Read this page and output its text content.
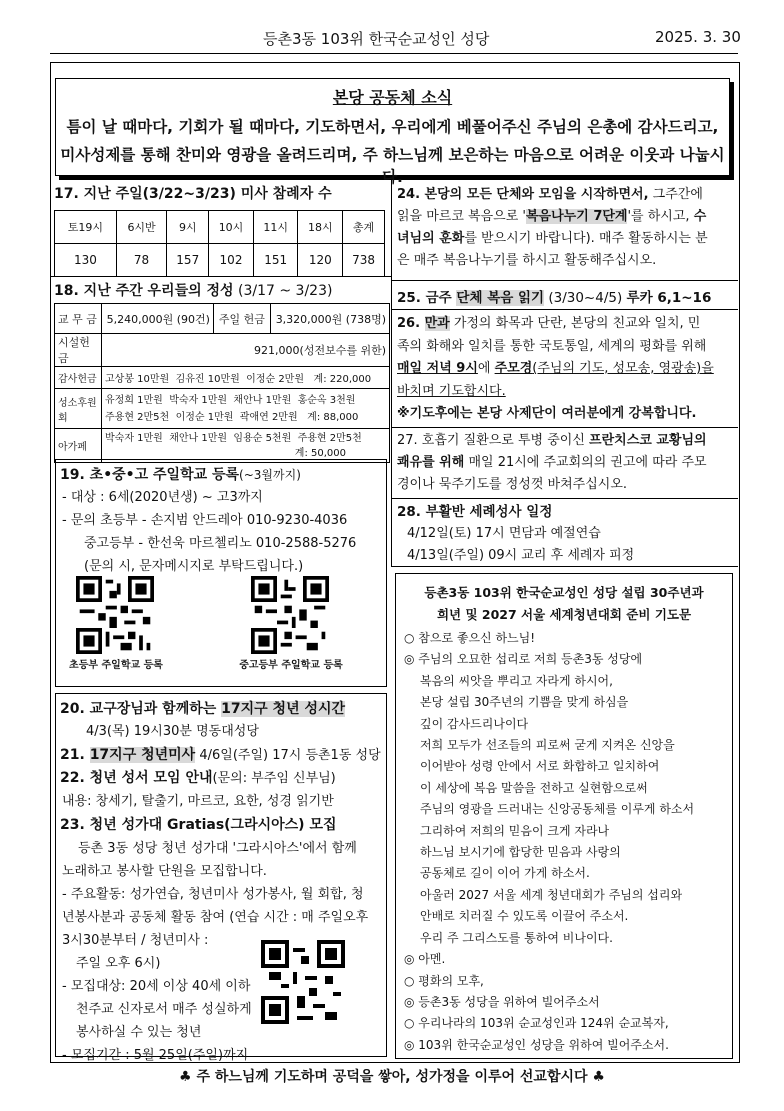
등촌3동 103위 한국순교성인 성당	2025. 3. 30
본당 공동체 소식
틈이 날 때마다, 기회가 될 때마다, 기도하면서, 우리에게 베풀어주신 주님의 은총에 감사드리고,
미사성제를 통해 찬미와 영광을 올려드리며, 주 하느님께 보은하는 마음으로 어려운 이웃과 나눕시다.
17. 지난 주일(3/22~3/23) 미사 참례자 수
토19시	6시반	9시	10시	11시	18시	총계
130	78	157	102	151	120	738
18. 지난 주간 우리들의 정성 (3/17 ~ 3/23)
교 무 금	5,240,000원 (90건)	주일 헌금	3,320,000원 (738명)
시설헌금	921,000(성전보수를 위한)		
감사헌금	고상봉 10만원 김유진 10만원 이정순 2만원 계: 220,000		
성소후원회	유정희 1만원 박숙자 1만원 채안나 1만원 홍순옥 3천원
주용현 2만5천 이정순 1만원 곽애연 2만원 계: 88,000		

아가페	박숙자 1만원 채안나 1만원 임용순 5천원 주용현 2만5천
계: 50,000		
19. 초•중•고 주일학교 등록(~3월까지)
- 대상 : 6세(2020년생) ~ 고3까지
- 문의 초등부 - 손지범 안드레아 010-9230-4036
중고등부 - 한선욱 마르첼리노 010-2588-5276
(문의 시, 문자메시지로 부탁드립니다.)
초등부 주일학교 등록	중고등부 주일학교 등록
20. 교구장님과 함께하는 17지구 청년 성시간
4/3(목) 19시30분 명동대성당
21. 17지구 청년미사 4/6일(주일) 17시 등촌1동 성당
22. 청년 성서 모임 안내(문의: 부주임 신부님)
내용: 창세기, 탈출기, 마르코, 요한, 성경 읽기반
23. 청년 성가대 Gratias(그라시아스) 모집
등촌 3동 성당 청년 성가대 '그라시아스'에서 함께
노래하고 봉사할 단원을 모집합니다.
- 주요활동: 성가연습, 청년미사 성가봉사, 월 회합, 청
년봉사분과 공동체 활동 참여 (연습 시간 : 매 주일오후
3시30분부터 / 청년미사 :
주일 오후 6시)
- 모집대상: 20세 이상 40세 이하
천주교 신자로서 매주 성실하게
봉사하실 수 있는 청년
- 모집기간 : 5월 25일(주일)까지
24. 본당의 모든 단체와 모임을 시작하면서, 그주간에
읽을 마르코 복음으로 '복음나누기 7단계'를 하시고, 수
녀님의 훈화를 받으시기 바랍니다). 매주 활동하시는 분
은 매주 복음나누기를 하시고 활동해주십시오.
25. 금주 단체 복음 읽기 (3/30~4/5) 루카 6,1~16
26. 만과 가정의 화목과 단란, 본당의 친교와 일치, 민
족의 화해와 일치를 통한 국토통일, 세계의 평화를 위해
매일 저녁 9시에 주모경(주님의 기도, 성모송, 영광송)을
바치며 기도합시다.
※기도후에는 본당 사제단이 여러분에게 강복합니다.
27. 호흡기 질환으로 투병 중이신 프란치스코 교황님의
쾌유를 위해 매일 21시에 주교회의의 권고에 따라 주모
경이나 묵주기도를 정성껏 바쳐주십시오.
28. 부활반 세례성사 일정
4/12일(토) 17시 면담과 예절연습
4/13일(주일) 09시 교리 후 세례자 피정
등촌3동 103위 한국순교성인 성당 설립 30주년과
희년 및 2027 서울 세계청년대회 준비 기도문
○ 참으로 좋으신 하느님!
◎ 주님의 오묘한 섭리로 저희 등촌3동 성당에
복음의 씨앗을 뿌리고 자라게 하시어,
본당 설립 30주년의 기쁨을 맞게 하심을
깊이 감사드리나이다
저희 모두가 선조들의 피로써 굳게 지켜온 신앙을
이어받아 성령 안에서 서로 화합하고 일치하여
이 세상에 복음 말씀을 전하고 실현함으로써
주님의 영광을 드러내는 신앙공동체를 이루게 하소서
그리하여 저희의 믿음이 크게 자라나
하느님 보시기에 합당한 믿음과 사랑의
공동체로 길이 이어 가게 하소서.
아울러 2027 서울 세계 청년대회가 주님의 섭리와
안배로 치러질 수 있도록 이끌어 주소서.
우리 주 그리스도를 통하여 비나이다.
◎ 아멘.
○ 평화의 모후,
◎ 등촌3동 성당을 위하여 빌어주소서
○ 우리나라의 103위 순교성인과 124위 순교복자,
◎ 103위 한국순교성인 성당을 위하여 빌어주소서.
♣ 주 하느님께 기도하며 공덕을 쌓아, 성가정을 이루어 선교합시다 ♣
